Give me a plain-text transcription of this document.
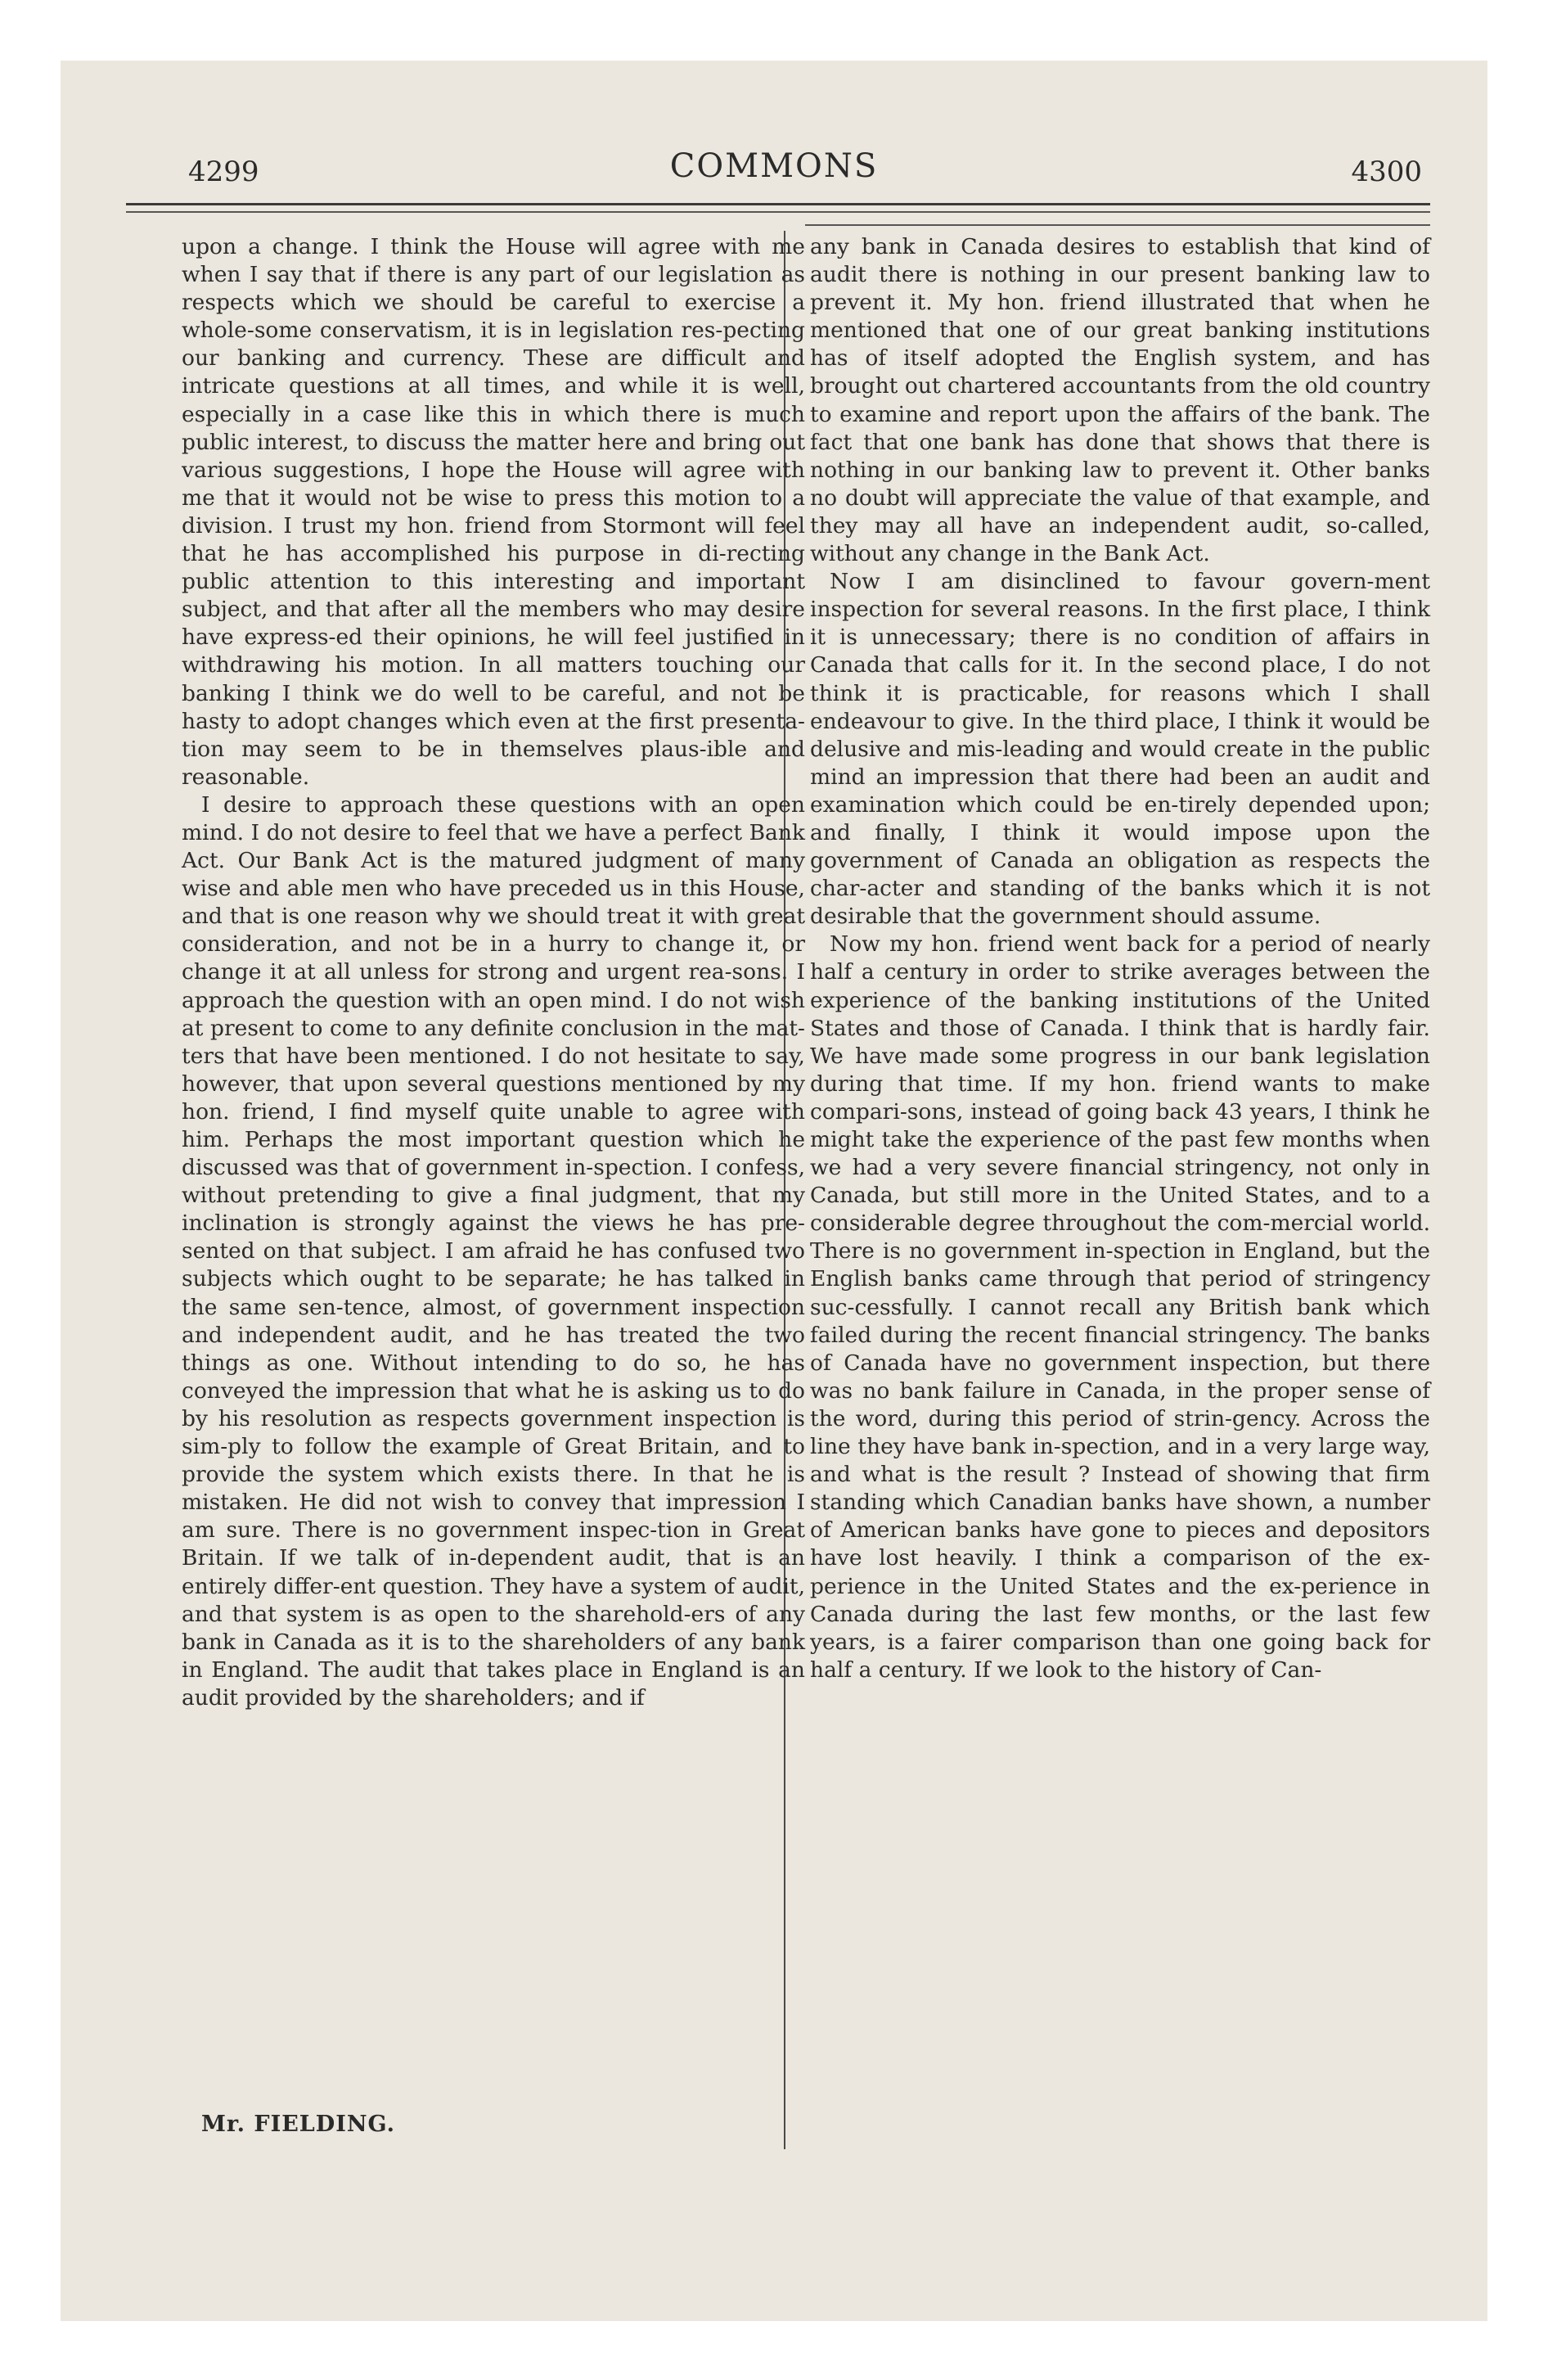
4299	COMMONS	4300

upon a change. I think the House will agree with me when I say that if there is any part of our legislation as respects which we should be careful to exercise a whole-some conservatism, it is in legislation res-pecting our banking and currency. These are difficult and intricate questions at all times, and while it is well, especially in a case like this in which there is much public interest, to discuss the matter here and bring out various suggestions, I hope the House will agree with me that it would not be wise to press this motion to a division. I trust my hon. friend from Stormont will feel that he has accomplished his purpose in di-recting public attention to this interesting and important subject, and that after all the members who may desire have express-ed their opinions, he will feel justified in withdrawing his motion. In all matters touching our banking I think we do well to be careful, and not be hasty to adopt changes which even at the first presenta-tion may seem to be in themselves plaus-ible and reasonable.

I desire to approach these questions with an open mind. I do not desire to feel that we have a perfect Bank Act. Our Bank Act is the matured judgment of many wise and able men who have preceded us in this House, and that is one reason why we should treat it with great consideration, and not be in a hurry to change it, or change it at all unless for strong and urgent rea-sons. I approach the question with an open mind. I do not wish at present to come to any definite conclusion in the mat-ters that have been mentioned. I do not hesitate to say, however, that upon several questions mentioned by my hon. friend, I find myself quite unable to agree with him. Perhaps the most important question which he discussed was that of government in-spection. I confess, without pretending to give a final judgment, that my inclination is strongly against the views he has pre-sented on that subject. I am afraid he has confused two subjects which ought to be separate; he has talked in the same sen-tence, almost, of government inspection and independent audit, and he has treated the two things as one. Without intending to do so, he has conveyed the impression that what he is asking us to do by his resolution as respects government inspection is sim-ply to follow the example of Great Britain, and to provide the system which exists there. In that he is mistaken. He did not wish to convey that impression I am sure. There is no government inspec-tion in Great Britain. If we talk of in-dependent audit, that is an entirely differ-ent question. They have a system of audit, and that system is as open to the sharehold-ers of any bank in Canada as it is to the shareholders of any bank in England. The audit that takes place in England is an audit provided by the shareholders; and if

Mr. FIELDING.

any bank in Canada desires to establish that kind of audit there is nothing in our present banking law to prevent it. My hon. friend illustrated that when he mentioned that one of our great banking institutions has of itself adopted the English system, and has brought out chartered accountants from the old country to examine and report upon the affairs of the bank. The fact that one bank has done that shows that there is nothing in our banking law to prevent it. Other banks no doubt will appreciate the value of that example, and they may all have an independent audit, so-called, without any change in the Bank Act.

Now I am disinclined to favour govern-ment inspection for several reasons. In the first place, I think it is unnecessary; there is no condition of affairs in Canada that calls for it. In the second place, I do not think it is practicable, for reasons which I shall endeavour to give. In the third place, I think it would be delusive and mis-leading and would create in the public mind an impression that there had been an audit and examination which could be en-tirely depended upon; and finally, I think it would impose upon the government of Canada an obligation as respects the char-acter and standing of the banks which it is not desirable that the government should assume.

Now my hon. friend went back for a period of nearly half a century in order to strike averages between the experience of the banking institutions of the United States and those of Canada. I think that is hardly fair. We have made some progress in our bank legislation during that time. If my hon. friend wants to make compari-sons, instead of going back 43 years, I think he might take the experience of the past few months when we had a very severe financial stringency, not only in Canada, but still more in the United States, and to a considerable degree throughout the com-mercial world. There is no government in-spection in England, but the English banks came through that period of stringency suc-cessfully. I cannot recall any British bank which failed during the recent financial stringency. The banks of Canada have no government inspection, but there was no bank failure in Canada, in the proper sense of the word, during this period of strin-gency. Across the line they have bank in-spection, and in a very large way, and what is the result ? Instead of showing that firm standing which Canadian banks have shown, a number of American banks have gone to pieces and depositors have lost heavily. I think a comparison of the ex-perience in the United States and the ex-perience in Canada during the last few months, or the last few years, is a fairer comparison than one going back for half a century. If we look to the history of Can-
